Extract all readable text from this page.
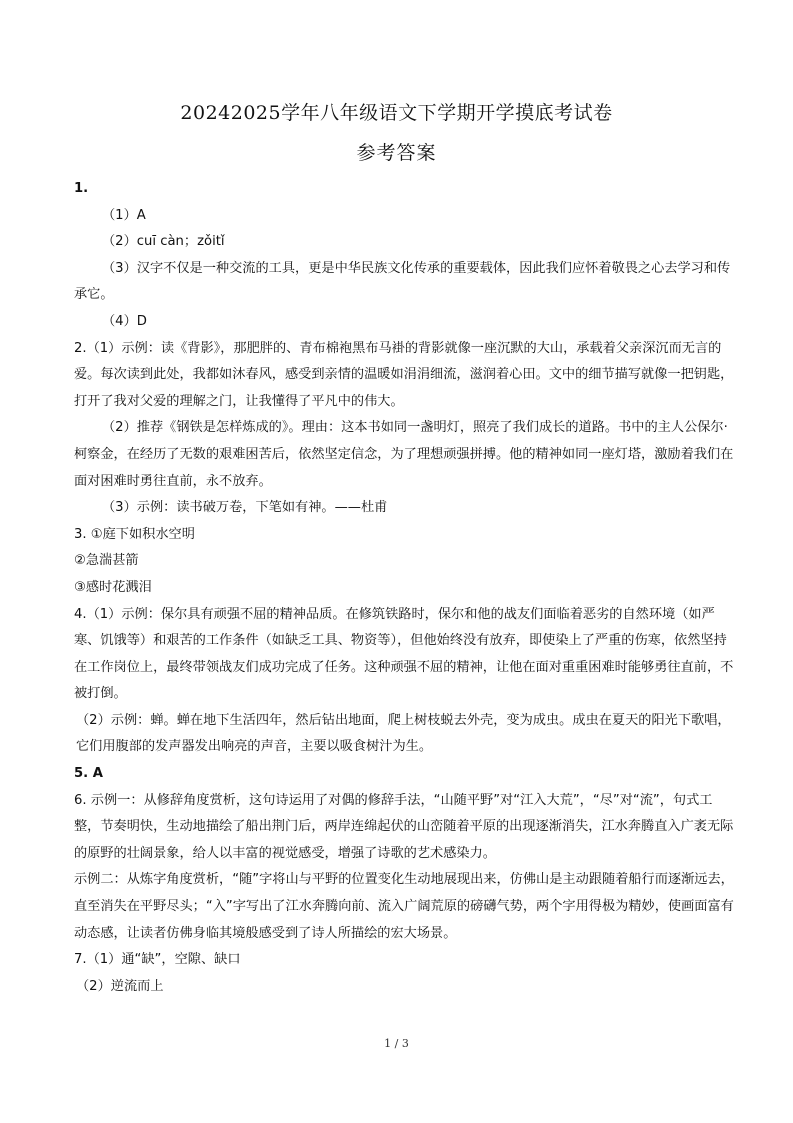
20242025学年八年级语文下学期开学摸底考试卷
参考答案

1.

（1）A

（2）cuī càn；zǒitǐ

（3）汉字不仅是一种交流的工具，更是中华民族文化传承的重要载体，因此我们应怀着敬畏之心去学习和传承它。

（4）D

2.（1）示例：读《背影》，那肥胖的、青布棉袍黑布马褂的背影就像一座沉默的大山，承载着父亲深沉而无言的爱。每次读到此处，我都如沐春风，感受到亲情的温暖如涓涓细流，滋润着心田。文中的细节描写就像一把钥匙，打开了我对父爱的理解之门，让我懂得了平凡中的伟大。

（2）推荐《钢铁是怎样炼成的》。理由：这本书如同一盏明灯，照亮了我们成长的道路。书中的主人公保尔·柯察金，在经历了无数的艰难困苦后，依然坚定信念，为了理想顽强拼搏。他的精神如同一座灯塔，激励着我们在面对困难时勇往直前，永不放弃。

（3）示例：读书破万卷，下笔如有神。——杜甫

3. ①庭下如积水空明

②急湍甚箭

③感时花溅泪

4.（1）示例：保尔具有顽强不屈的精神品质。在修筑铁路时，保尔和他的战友们面临着恶劣的自然环境（如严寒、饥饿等）和艰苦的工作条件（如缺乏工具、物资等），但他始终没有放弃，即使染上了严重的伤寒，依然坚持在工作岗位上，最终带领战友们成功完成了任务。这种顽强不屈的精神，让他在面对重重困难时能够勇往直前，不被打倒。

（2）示例：蝉。蝉在地下生活四年，然后钻出地面，爬上树枝蜕去外壳，变为成虫。成虫在夏天的阳光下歌唱，它们用腹部的发声器发出响亮的声音，主要以吸食树汁为生。

5. A

6. 示例一：从修辞角度赏析，这句诗运用了对偶的修辞手法，“山随平野”对“江入大荒”，“尽”对“流”，句式工整，节奏明快，生动地描绘了船出荆门后，两岸连绵起伏的山峦随着平原的出现逐渐消失，江水奔腾直入广袤无际的原野的壮阔景象，给人以丰富的视觉感受，增强了诗歌的艺术感染力。

示例二：从炼字角度赏析，“随”字将山与平野的位置变化生动地展现出来，仿佛山是主动跟随着船行而逐渐远去，直至消失在平野尽头；“入”字写出了江水奔腾向前、流入广阔荒原的磅礴气势，两个字用得极为精妙，使画面富有动态感，让读者仿佛身临其境般感受到了诗人所描绘的宏大场景。

7.（1）通“缺”，空隙、缺口

（2）逆流而上

1 / 3
